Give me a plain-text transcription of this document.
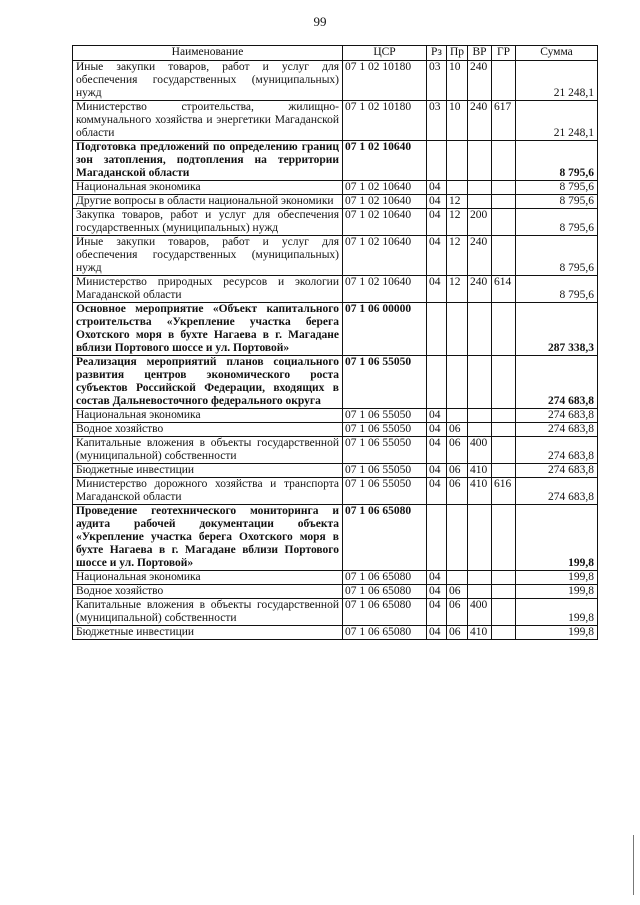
99
Наименование	ЦСР	Рз	Пр	ВР	ГР	Сумма
Иные закупки товаров, работ и услуг для обеспечения государственных (муниципальных) нужд	07 1 02 10180	03	10	240		21 248,1
Министерство строительства, жилищно-коммунального хозяйства и энергетики Магаданской области	07 1 02 10180	03	10	240	617	21 248,1
Подготовка предложений по определению границ зон затопления, подтопления на территории Магаданской области	07 1 02 10640					8 795,6
Национальная экономика	07 1 02 10640	04				8 795,6
Другие вопросы в области национальной экономики	07 1 02 10640	04	12			8 795,6
Закупка товаров, работ и услуг для обеспечения государственных (муниципальных) нужд	07 1 02 10640	04	12	200		8 795,6
Иные закупки товаров, работ и услуг для обеспечения государственных (муниципальных) нужд	07 1 02 10640	04	12	240		8 795,6
Министерство природных ресурсов и экологии Магаданской области	07 1 02 10640	04	12	240	614	8 795,6
Основное мероприятие «Объект капитального строительства «Укрепление участка берега Охотского моря в бухте Нагаева в г. Магадане вблизи Портового шоссе и ул. Портовой»	07 1 06 00000					287 338,3
Реализация мероприятий планов социального развития центров экономического роста субъектов Российской Федерации, входящих в состав Дальневосточного федерального округа	07 1 06 55050					274 683,8
Национальная экономика	07 1 06 55050	04				274 683,8
Водное хозяйство	07 1 06 55050	04	06			274 683,8
Капитальные вложения в объекты государственной (муниципальной) собственности	07 1 06 55050	04	06	400		274 683,8
Бюджетные инвестиции	07 1 06 55050	04	06	410		274 683,8
Министерство дорожного хозяйства и транспорта Магаданской области	07 1 06 55050	04	06	410	616	274 683,8
Проведение геотехнического мониторинга и аудита рабочей документации объекта «Укрепление участка берега Охотского моря в бухте Нагаева в г. Магадане вблизи Портового шоссе и ул. Портовой»	07 1 06 65080					199,8
Национальная экономика	07 1 06 65080	04				199,8
Водное хозяйство	07 1 06 65080	04	06			199,8
Капитальные вложения в объекты государственной (муниципальной) собственности	07 1 06 65080	04	06	400		199,8
Бюджетные инвестиции	07 1 06 65080	04	06	410		199,8
